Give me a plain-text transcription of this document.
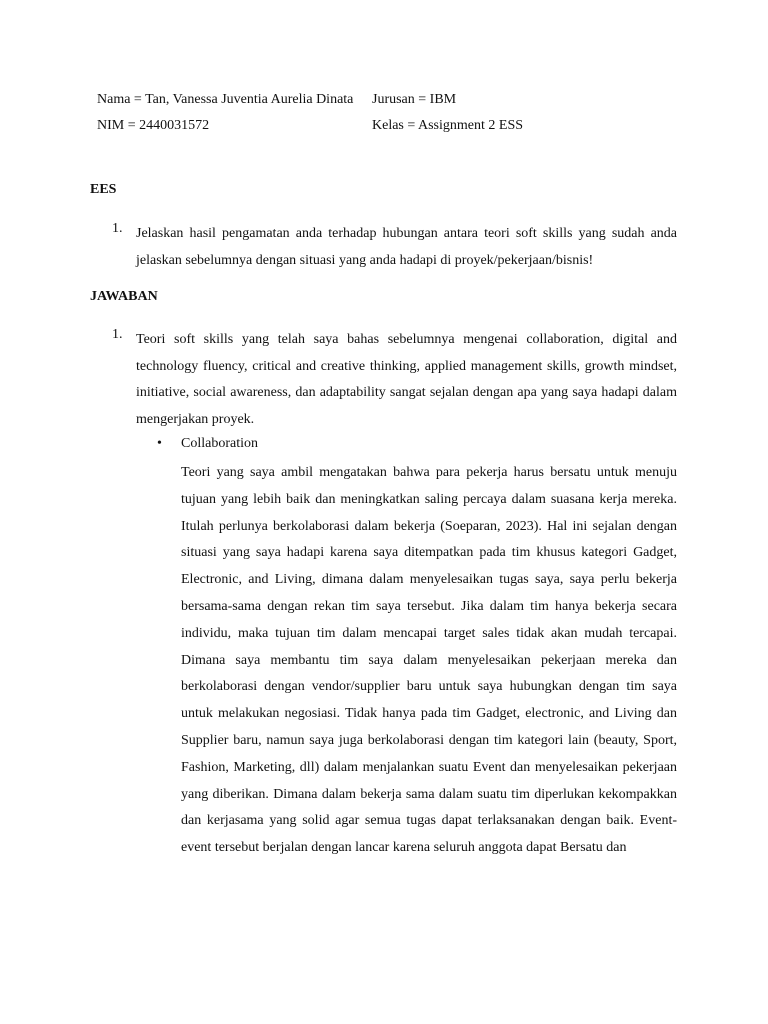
Nama = Tan, Vanessa Juventia Aurelia Dinata Jurusan = IBM
NIM = 2440031572	Kelas = Assignment 2 ESS
EES
1. Jelaskan hasil pengamatan anda terhadap hubungan antara teori soft skills yang sudah anda jelaskan sebelumnya dengan situasi yang anda hadapi di proyek/pekerjaan/bisnis!
JAWABAN
1. Teori soft skills yang telah saya bahas sebelumnya mengenai collaboration, digital and technology fluency, critical and creative thinking, applied management skills, growth mindset, initiative, social awareness, dan adaptability sangat sejalan dengan apa yang saya hadapi dalam mengerjakan proyek.
• Collaboration
Teori yang saya ambil mengatakan bahwa para pekerja harus bersatu untuk menuju tujuan yang lebih baik dan meningkatkan saling percaya dalam suasana kerja mereka. Itulah perlunya berkolaborasi dalam bekerja (Soeparan, 2023). Hal ini sejalan dengan situasi yang saya hadapi karena saya ditempatkan pada tim khusus kategori Gadget, Electronic, and Living, dimana dalam menyelesaikan tugas saya, saya perlu bekerja bersama-sama dengan rekan tim saya tersebut. Jika dalam tim hanya bekerja secara individu, maka tujuan tim dalam mencapai target sales tidak akan mudah tercapai. Dimana saya membantu tim saya dalam menyelesaikan pekerjaan mereka dan berkolaborasi dengan vendor/supplier baru untuk saya hubungkan dengan tim saya untuk melakukan negosiasi. Tidak hanya pada tim Gadget, electronic, and Living dan Supplier baru, namun saya juga berkolaborasi dengan tim kategori lain (beauty, Sport, Fashion, Marketing, dll) dalam menjalankan suatu Event dan menyelesaikan pekerjaan yang diberikan. Dimana dalam bekerja sama dalam suatu tim diperlukan kekompakkan dan kerjasama yang solid agar semua tugas dapat terlaksanakan dengan baik. Event-event tersebut berjalan dengan lancar karena seluruh anggota dapat Bersatu dan
